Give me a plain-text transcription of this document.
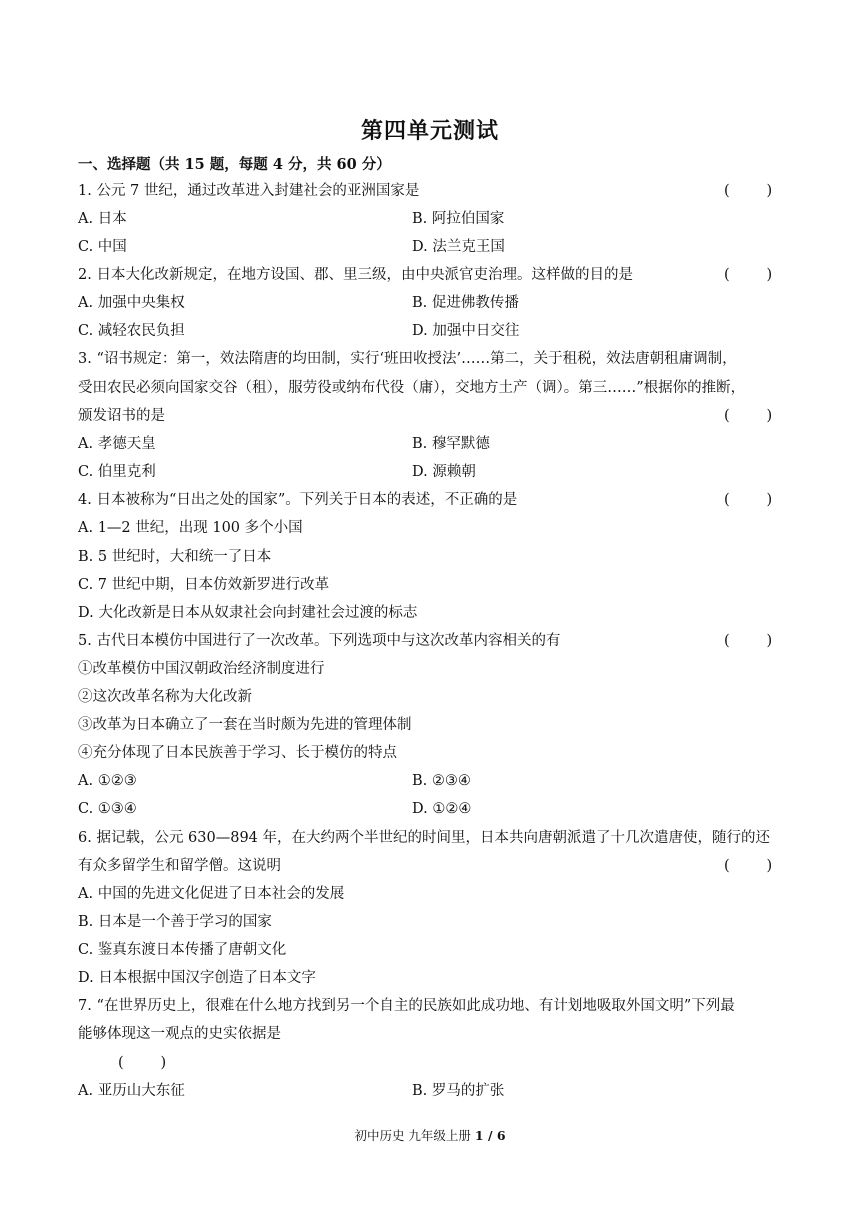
第四单元测试
一、选择题（共 15 题，每题 4 分，共 60 分）
1. 公元 7 世纪，通过改革进入封建社会的亚洲国家是	(        )
A. 日本	B. 阿拉伯国家
C. 中国	D. 法兰克王国
2. 日本大化改新规定，在地方设国、郡、里三级，由中央派官吏治理。这样做的目的是	(        )
A. 加强中央集权	B. 促进佛教传播
C. 减轻农民负担	D. 加强中日交往
3. “诏书规定：第一，效法隋唐的均田制，实行‘班田收授法’……第二，关于租税，效法唐朝租庸调制，
受田农民必须向国家交谷（租），服劳役或纳布代役（庸），交地方土产（调）。第三……”根据你的推断，
颁发诏书的是	(        )
A. 孝德天皇	B. 穆罕默德
C. 伯里克利	D. 源赖朝
4. 日本被称为“日出之处的国家”。下列关于日本的表述，不正确的是	(        )
A. 1—2 世纪，出现 100 多个小国
B. 5 世纪时，大和统一了日本
C. 7 世纪中期，日本仿效新罗进行改革
D. 大化改新是日本从奴隶社会向封建社会过渡的标志
5. 古代日本模仿中国进行了一次改革。下列选项中与这次改革内容相关的有	(        )
①改革模仿中国汉朝政治经济制度进行
②这次改革名称为大化改新
③改革为日本确立了一套在当时颇为先进的管理体制
④充分体现了日本民族善于学习、长于模仿的特点
A. ①②③	B. ②③④
C. ①③④	D. ①②④
6. 据记载，公元 630—894 年，在大约两个半世纪的时间里，日本共向唐朝派遣了十几次遣唐使，随行的还
有众多留学生和留学僧。这说明	(        )
A. 中国的先进文化促进了日本社会的发展
B. 日本是一个善于学习的国家
C. 鉴真东渡日本传播了唐朝文化
D. 日本根据中国汉字创造了日本文字
7. “在世界历史上，很难在什么地方找到另一个自主的民族如此成功地、有计划地吸取外国文明”下列最
能够体现这一观点的史实依据是
(        )
A. 亚历山大东征	B. 罗马的扩张
初中历史 九年级上册 1 / 6
